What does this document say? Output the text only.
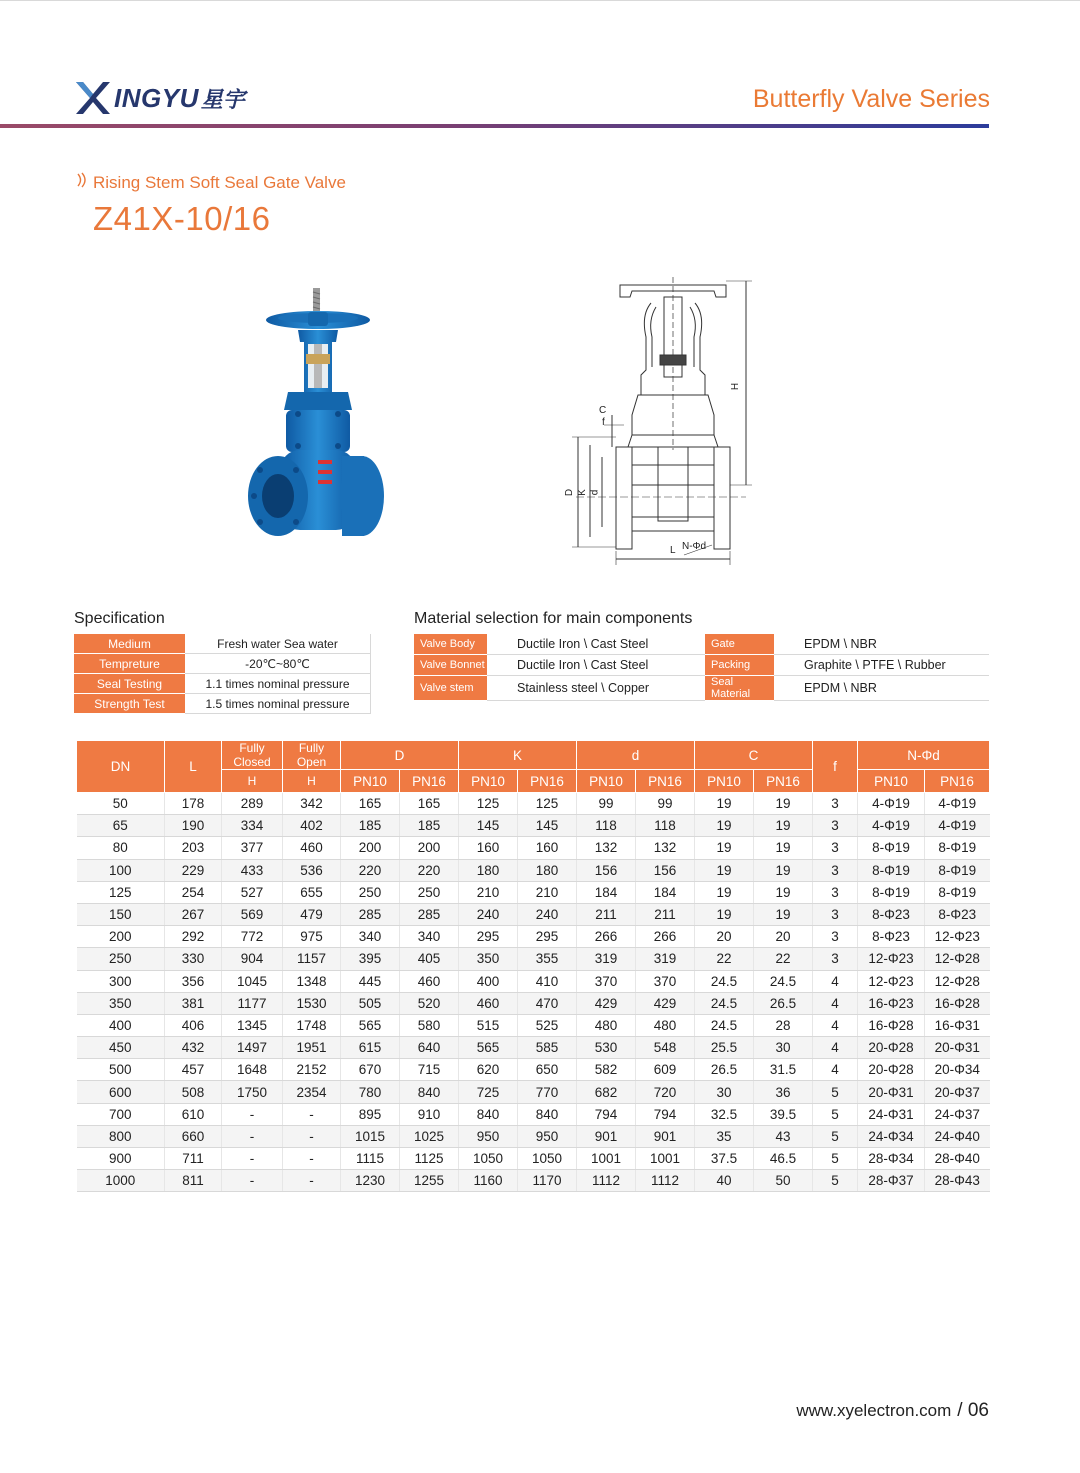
INGYU 星宇	Butterfly Valve Series
Rising Stem Soft Seal Gate Valve
Z41X-10/16
C
f
D K d
H
L N-Φd
Specification
Medium	Fresh water Sea water
Tempreture	-20℃~80℃
Seal Testing	1.1 times nominal pressure
Strength Test	1.5 times nominal pressure
Material selection for main components
Valve Body	Ductile Iron \ Cast Steel	Gate	EPDM \ NBR
Valve Bonnet	Ductile Iron \ Cast Steel	Packing	Graphite \ PTFE \ Rubber
Valve stem	Stainless steel \ Copper	Seal Material	EPDM \ NBR
DN	L	Fully Closed	Fully Open	D		K		d		C		f	N-Φd	
		H	H	PN10	PN16	PN10	PN16	PN10	PN16	PN10	PN16		PN10	PN16
50	178	289	342	165	165	125	125	99	99	19	19	3	4-Φ19	4-Φ19
65	190	334	402	185	185	145	145	118	118	19	19	3	4-Φ19	4-Φ19
80	203	377	460	200	200	160	160	132	132	19	19	3	8-Φ19	8-Φ19
100	229	433	536	220	220	180	180	156	156	19	19	3	8-Φ19	8-Φ19
125	254	527	655	250	250	210	210	184	184	19	19	3	8-Φ19	8-Φ19
150	267	569	479	285	285	240	240	211	211	19	19	3	8-Φ23	8-Φ23
200	292	772	975	340	340	295	295	266	266	20	20	3	8-Φ23	12-Φ23
250	330	904	1157	395	405	350	355	319	319	22	22	3	12-Φ23	12-Φ28
300	356	1045	1348	445	460	400	410	370	370	24.5	24.5	4	12-Φ23	12-Φ28
350	381	1177	1530	505	520	460	470	429	429	24.5	26.5	4	16-Φ23	16-Φ28
400	406	1345	1748	565	580	515	525	480	480	24.5	28	4	16-Φ28	16-Φ31
450	432	1497	1951	615	640	565	585	530	548	25.5	30	4	20-Φ28	20-Φ31
500	457	1648	2152	670	715	620	650	582	609	26.5	31.5	4	20-Φ28	20-Φ34
600	508	1750	2354	780	840	725	770	682	720	30	36	5	20-Φ31	20-Φ37
700	610	-	-	895	910	840	840	794	794	32.5	39.5	5	24-Φ31	24-Φ37
800	660	-	-	1015	1025	950	950	901	901	35	43	5	24-Φ34	24-Φ40
900	711	-	-	1115	1125	1050	1050	1001	1001	37.5	46.5	5	28-Φ34	28-Φ40
1000	811	-	-	1230	1255	1160	1170	1112	1112	40	50	5	28-Φ37	28-Φ43
www.xyelectron.com / 06
